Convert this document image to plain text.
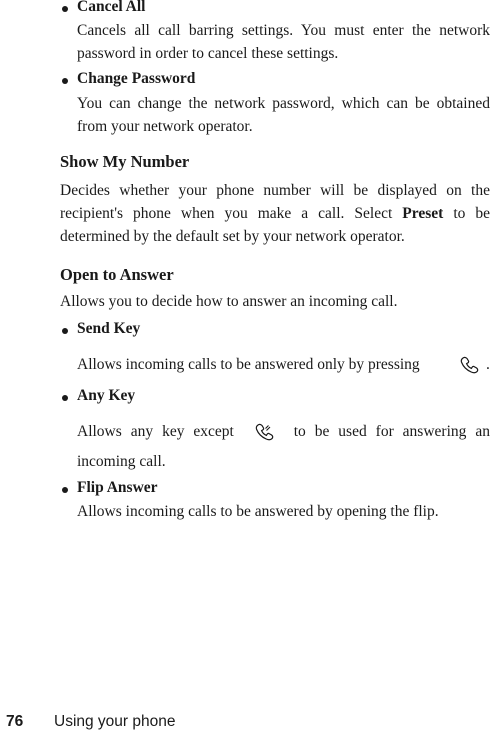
Cancel All
Cancels all call barring settings. You must enter the network password in order to cancel these settings.
Change Password
You can change the network password, which can be obtained from your network operator.
Show My Number
Decides whether your phone number will be displayed on the recipient's phone when you make a call. Select Preset to be determined by the default set by your network operator.
Open to Answer
Allows you to decide how to answer an incoming call.
Send Key
Allows incoming calls to be answered only by pressing	.
Any Key
Allows any key except	to be used for answering an
incoming call.
Flip Answer
Allows incoming calls to be answered by opening the flip.
76 Using your phone
